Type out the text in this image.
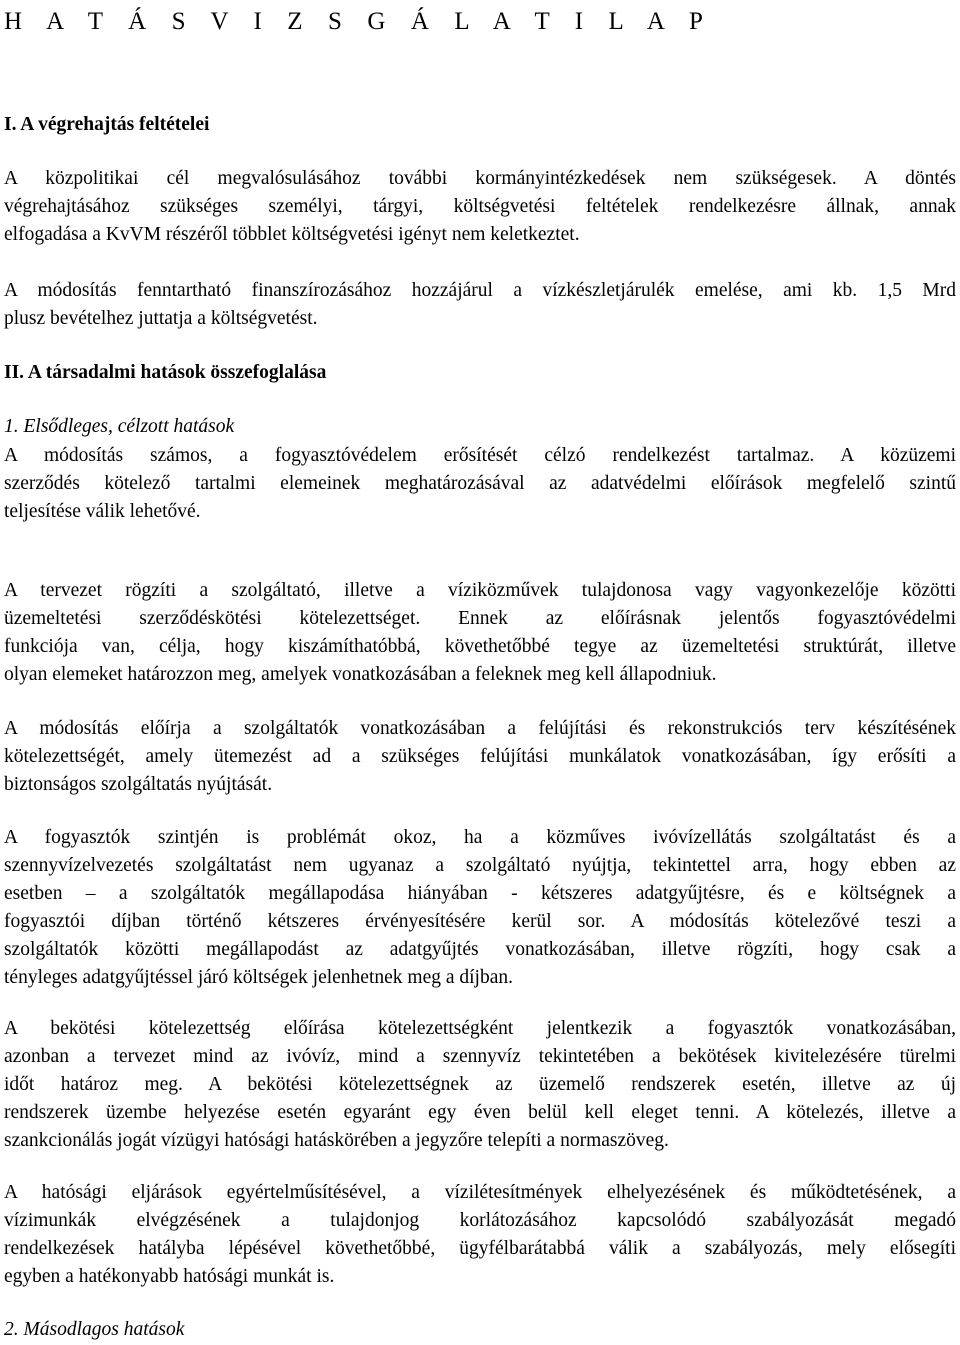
H A T Á S V I Z S G Á L A T I L A P
I. A végrehajtás feltételei
A közpolitikai cél megvalósulásához további kormányintézkedések nem szükségesek. A döntés
végrehajtásához szükséges személyi, tárgyi, költségvetési feltételek rendelkezésre állnak, annak
elfogadása a KvVM részéről többlet költségvetési igényt nem keletkeztet.
A módosítás fenntartható finanszírozásához hozzájárul a vízkészletjárulék emelése, ami kb. 1,5 Mrd
plusz bevételhez juttatja a költségvetést.
II. A társadalmi hatások összefoglalása
1. Elsődleges, célzott hatások
A módosítás számos, a fogyasztóvédelem erősítését célzó rendelkezést tartalmaz. A közüzemi
szerződés kötelező tartalmi elemeinek meghatározásával az adatvédelmi előírások megfelelő szintű
teljesítése válik lehetővé.
A tervezet rögzíti a szolgáltató, illetve a víziközművek tulajdonosa vagy vagyonkezelője közötti
üzemeltetési szerződéskötési kötelezettséget. Ennek az előírásnak jelentős fogyasztóvédelmi
funkciója van, célja, hogy kiszámíthatóbbá, követhetőbbé tegye az üzemeltetési struktúrát, illetve
olyan elemeket határozzon meg, amelyek vonatkozásában a feleknek meg kell állapodniuk.
A módosítás előírja a szolgáltatók vonatkozásában a felújítási és rekonstrukciós terv készítésének
kötelezettségét, amely ütemezést ad a szükséges felújítási munkálatok vonatkozásában, így erősíti a
biztonságos szolgáltatás nyújtását.
A fogyasztók szintjén is problémát okoz, ha a közműves ivóvízellátás szolgáltatást és a
szennyvízelvezetés szolgáltatást nem ugyanaz a szolgáltató nyújtja, tekintettel arra, hogy ebben az
esetben – a szolgáltatók megállapodása hiányában - kétszeres adatgyűjtésre, és e költségnek a
fogyasztói díjban történő kétszeres érvényesítésére kerül sor. A módosítás kötelezővé teszi a
szolgáltatók közötti megállapodást az adatgyűjtés vonatkozásában, illetve rögzíti, hogy csak a
tényleges adatgyűjtéssel járó költségek jelenhetnek meg a díjban.
A bekötési kötelezettség előírása kötelezettségként jelentkezik a fogyasztók vonatkozásában,
azonban a tervezet mind az ivóvíz, mind a szennyvíz tekintetében a bekötések kivitelezésére türelmi
időt határoz meg. A bekötési kötelezettségnek az üzemelő rendszerek esetén, illetve az új
rendszerek üzembe helyezése esetén egyaránt egy éven belül kell eleget tenni. A kötelezés, illetve a
szankcionálás jogát vízügyi hatósági hatáskörében a jegyzőre telepíti a normaszöveg.
A hatósági eljárások egyértelműsítésével, a vízilétesítmények elhelyezésének és működtetésének, a
vízimunkák elvégzésének a tulajdonjog korlátozásához kapcsolódó szabályozását megadó
rendelkezések hatályba lépésével követhetőbbé, ügyfélbarátabbá válik a szabályozás, mely elősegíti
egyben a hatékonyabb hatósági munkát is.
2. Másodlagos hatások
